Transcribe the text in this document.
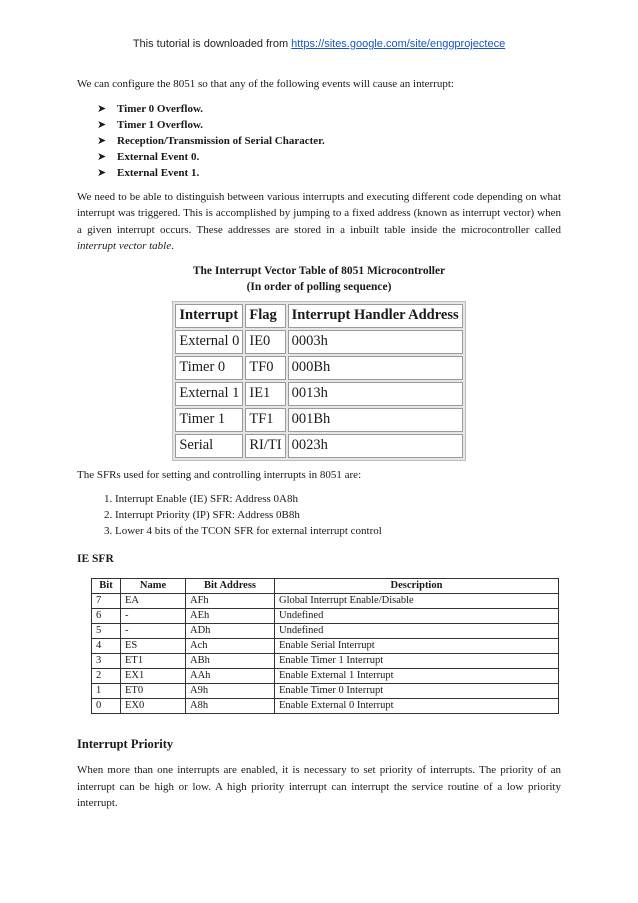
This tutorial is downloaded from https://sites.google.com/site/enggprojectece

We can configure the 8051 so that any of the following events will cause an interrupt:

➤ Timer 0 Overflow.
➤ Timer 1 Overflow.
➤ Reception/Transmission of Serial Character.
➤ External Event 0.
➤ External Event 1.

We need to be able to distinguish between various interrupts and executing different code depending on what interrupt was triggered. This is accomplished by jumping to a fixed address (known as interrupt vector) when a given interrupt occurs. These addresses are stored in a inbuilt table inside the microcontroller called interrupt vector table.

The Interrupt Vector Table of 8051 Microcontroller
(In order of polling sequence)
Interrupt	Flag	Interrupt Handler Address
External 0	IE0	0003h
Timer 0	TF0	000Bh
External 1	IE1	0013h
Timer 1	TF1	001Bh
Serial	RI/TI	0023h

The SFRs used for setting and controlling interrupts in 8051 are:

1. Interrupt Enable (IE) SFR: Address 0A8h
2. Interrupt Priority (IP) SFR: Address 0B8h
3. Lower 4 bits of the TCON SFR for external interrupt control

IE SFR

Bit	Name	Bit Address	Description
7	EA	AFh	Global Interrupt Enable/Disable
6	-	AEh	Undefined
5	-	ADh	Undefined
4	ES	Ach	Enable Serial Interrupt
3	ET1	ABh	Enable Timer 1 Interrupt
2	EX1	AAh	Enable External 1 Interrupt
1	ET0	A9h	Enable Timer 0 Interrupt
0	EX0	A8h	Enable External 0 Interrupt

Interrupt Priority

When more than one interrupts are enabled, it is necessary to set priority of interrupts. The priority of an interrupt can be high or low. A high priority interrupt can interrupt the service routine of a low priority interrupt.
